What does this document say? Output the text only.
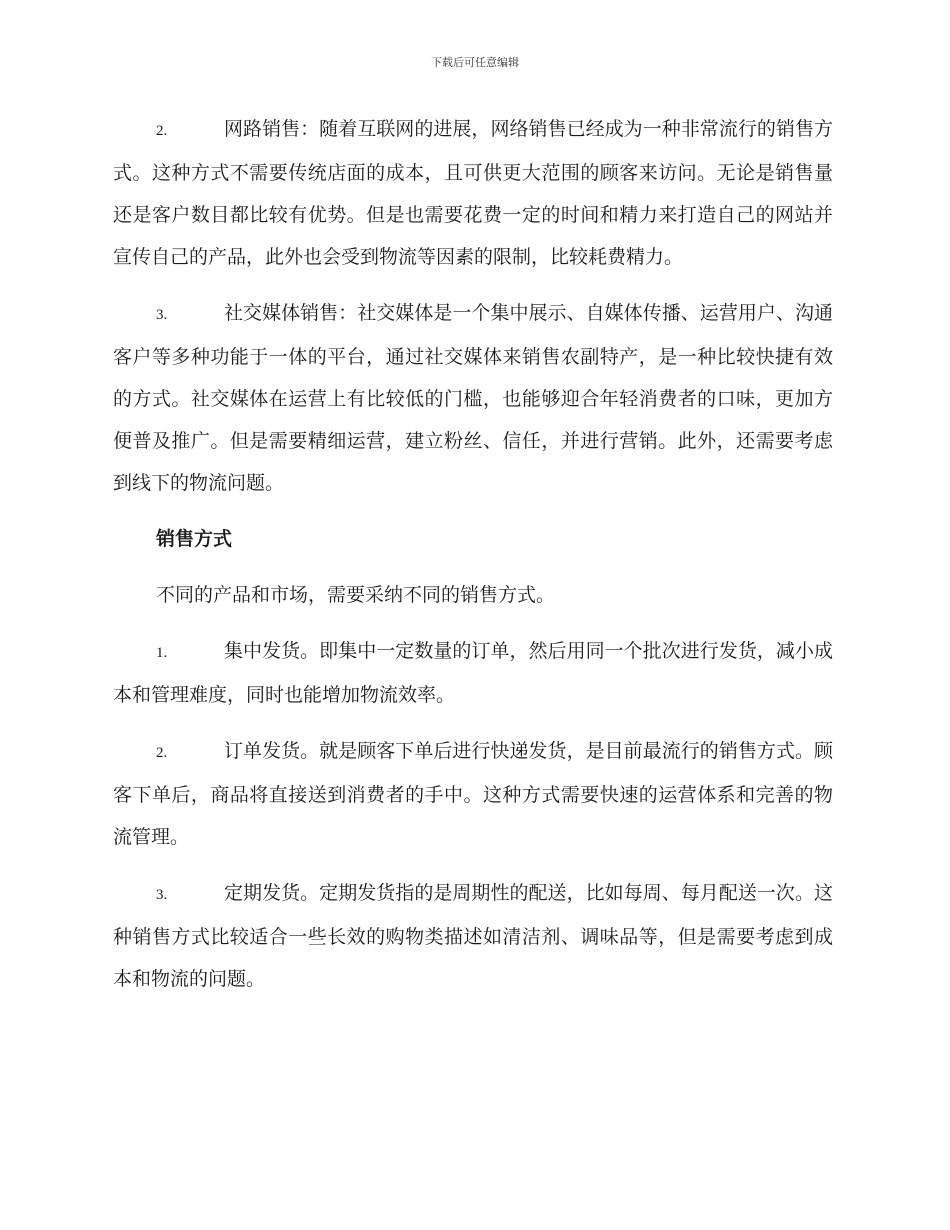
下载后可任意编辑

2.	网路销售：随着互联网的进展，网络销售已经成为一种非常流行的销售方式。这种方式不需要传统店面的成本，且可供更大范围的顾客来访问。无论是销售量还是客户数目都比较有优势。但是也需要花费一定的时间和精力来打造自己的网站并宣传自己的产品，此外也会受到物流等因素的限制，比较耗费精力。

3.	社交媒体销售：社交媒体是一个集中展示、自媒体传播、运营用户、沟通客户等多种功能于一体的平台，通过社交媒体来销售农副特产，是一种比较快捷有效的方式。社交媒体在运营上有比较低的门槛，也能够迎合年轻消费者的口味，更加方便普及推广。但是需要精细运营，建立粉丝、信任，并进行营销。此外，还需要考虑到线下的物流问题。

销售方式

不同的产品和市场，需要采纳不同的销售方式。

1.	集中发货。即集中一定数量的订单，然后用同一个批次进行发货，减小成本和管理难度，同时也能增加物流效率。

2.	订单发货。就是顾客下单后进行快递发货，是目前最流行的销售方式。顾客下单后，商品将直接送到消费者的手中。这种方式需要快速的运营体系和完善的物流管理。

3.	定期发货。定期发货指的是周期性的配送，比如每周、每月配送一次。这种销售方式比较适合一些长效的购物类描述如清洁剂、调味品等，但是需要考虑到成本和物流的问题。
